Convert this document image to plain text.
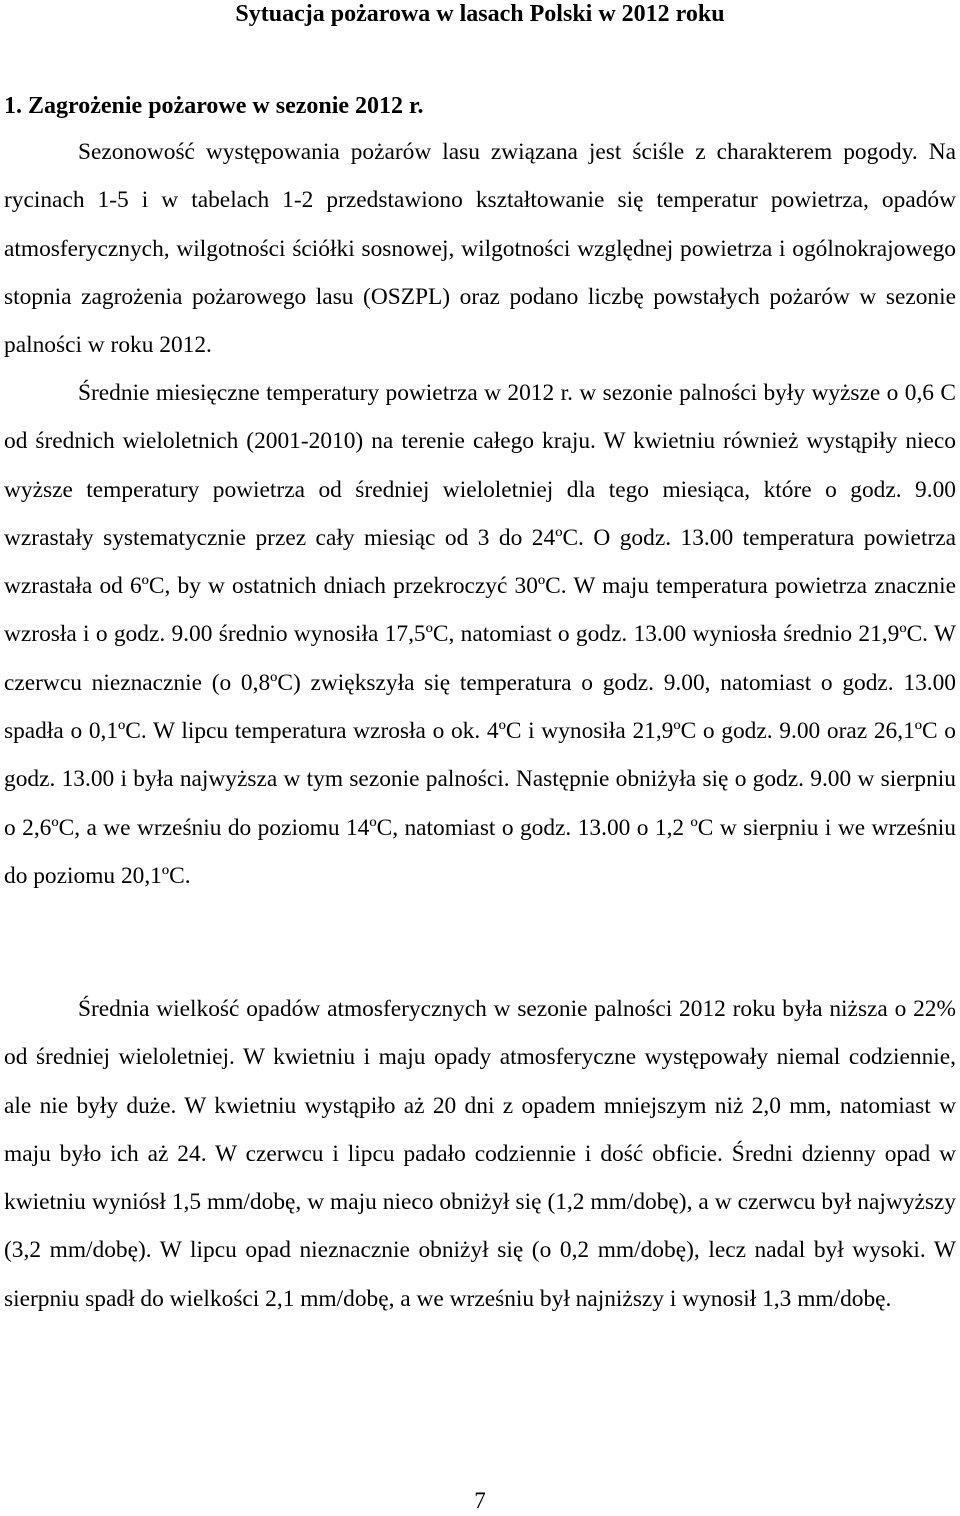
Sytuacja pożarowa w lasach Polski w 2012 roku
1. Zagrożenie pożarowe w sezonie 2012 r.

Sezonowość występowania pożarów lasu związana jest ściśle z charakterem pogody. Na rycinach 1-5 i w tabelach 1-2 przedstawiono kształtowanie się temperatur powietrza, opadów atmosferycznych, wilgotności ściółki sosnowej, wilgotności względnej powietrza i ogólnokrajowego stopnia zagrożenia pożarowego lasu (OSZPL) oraz podano liczbę powstałych pożarów w sezonie palności w roku 2012.

Średnie miesięczne temperatury powietrza w 2012 r. w sezonie palności były wyższe o 0,6 C od średnich wieloletnich (2001-2010) na terenie całego kraju. W kwietniu również wystąpiły nieco wyższe temperatury powietrza od średniej wieloletniej dla tego miesiąca, które o godz. 9.00 wzrastały systematycznie przez cały miesiąc od 3 do 24ºC. O godz. 13.00 temperatura powietrza wzrastała od 6ºC, by w ostatnich dniach przekroczyć 30ºC. W maju temperatura powietrza znacznie wzrosła i o godz. 9.00 średnio wynosiła 17,5ºC, natomiast o godz. 13.00 wyniosła średnio 21,9ºC. W czerwcu nieznacznie (o 0,8ºC) zwiększyła się temperatura o godz. 9.00, natomiast o godz. 13.00 spadła o 0,1ºC. W lipcu temperatura wzrosła o ok. 4ºC i wynosiła 21,9ºC o godz. 9.00 oraz 26,1ºC o godz. 13.00 i była najwyższa w tym sezonie palności. Następnie obniżyła się o godz. 9.00 w sierpniu o 2,6ºC, a we wrześniu do poziomu 14ºC, natomiast o godz. 13.00 o 1,2 ºC w sierpniu i we wrześniu do poziomu 20,1ºC.

Średnia wielkość opadów atmosferycznych w sezonie palności 2012 roku była niższa o 22% od średniej wieloletniej. W kwietniu i maju opady atmosferyczne występowały niemal codziennie, ale nie były duże. W kwietniu wystąpiło aż 20 dni z opadem mniejszym niż 2,0 mm, natomiast w maju było ich aż 24. W czerwcu i lipcu padało codziennie i dość obficie. Średni dzienny opad w kwietniu wyniósł 1,5 mm/dobę, w maju nieco obniżył się (1,2 mm/dobę), a w czerwcu był najwyższy (3,2 mm/dobę). W lipcu opad nieznacznie obniżył się (o 0,2 mm/dobę), lecz nadal był wysoki. W sierpniu spadł do wielkości 2,1 mm/dobę, a we wrześniu był najniższy i wynosił 1,3 mm/dobę.

7
